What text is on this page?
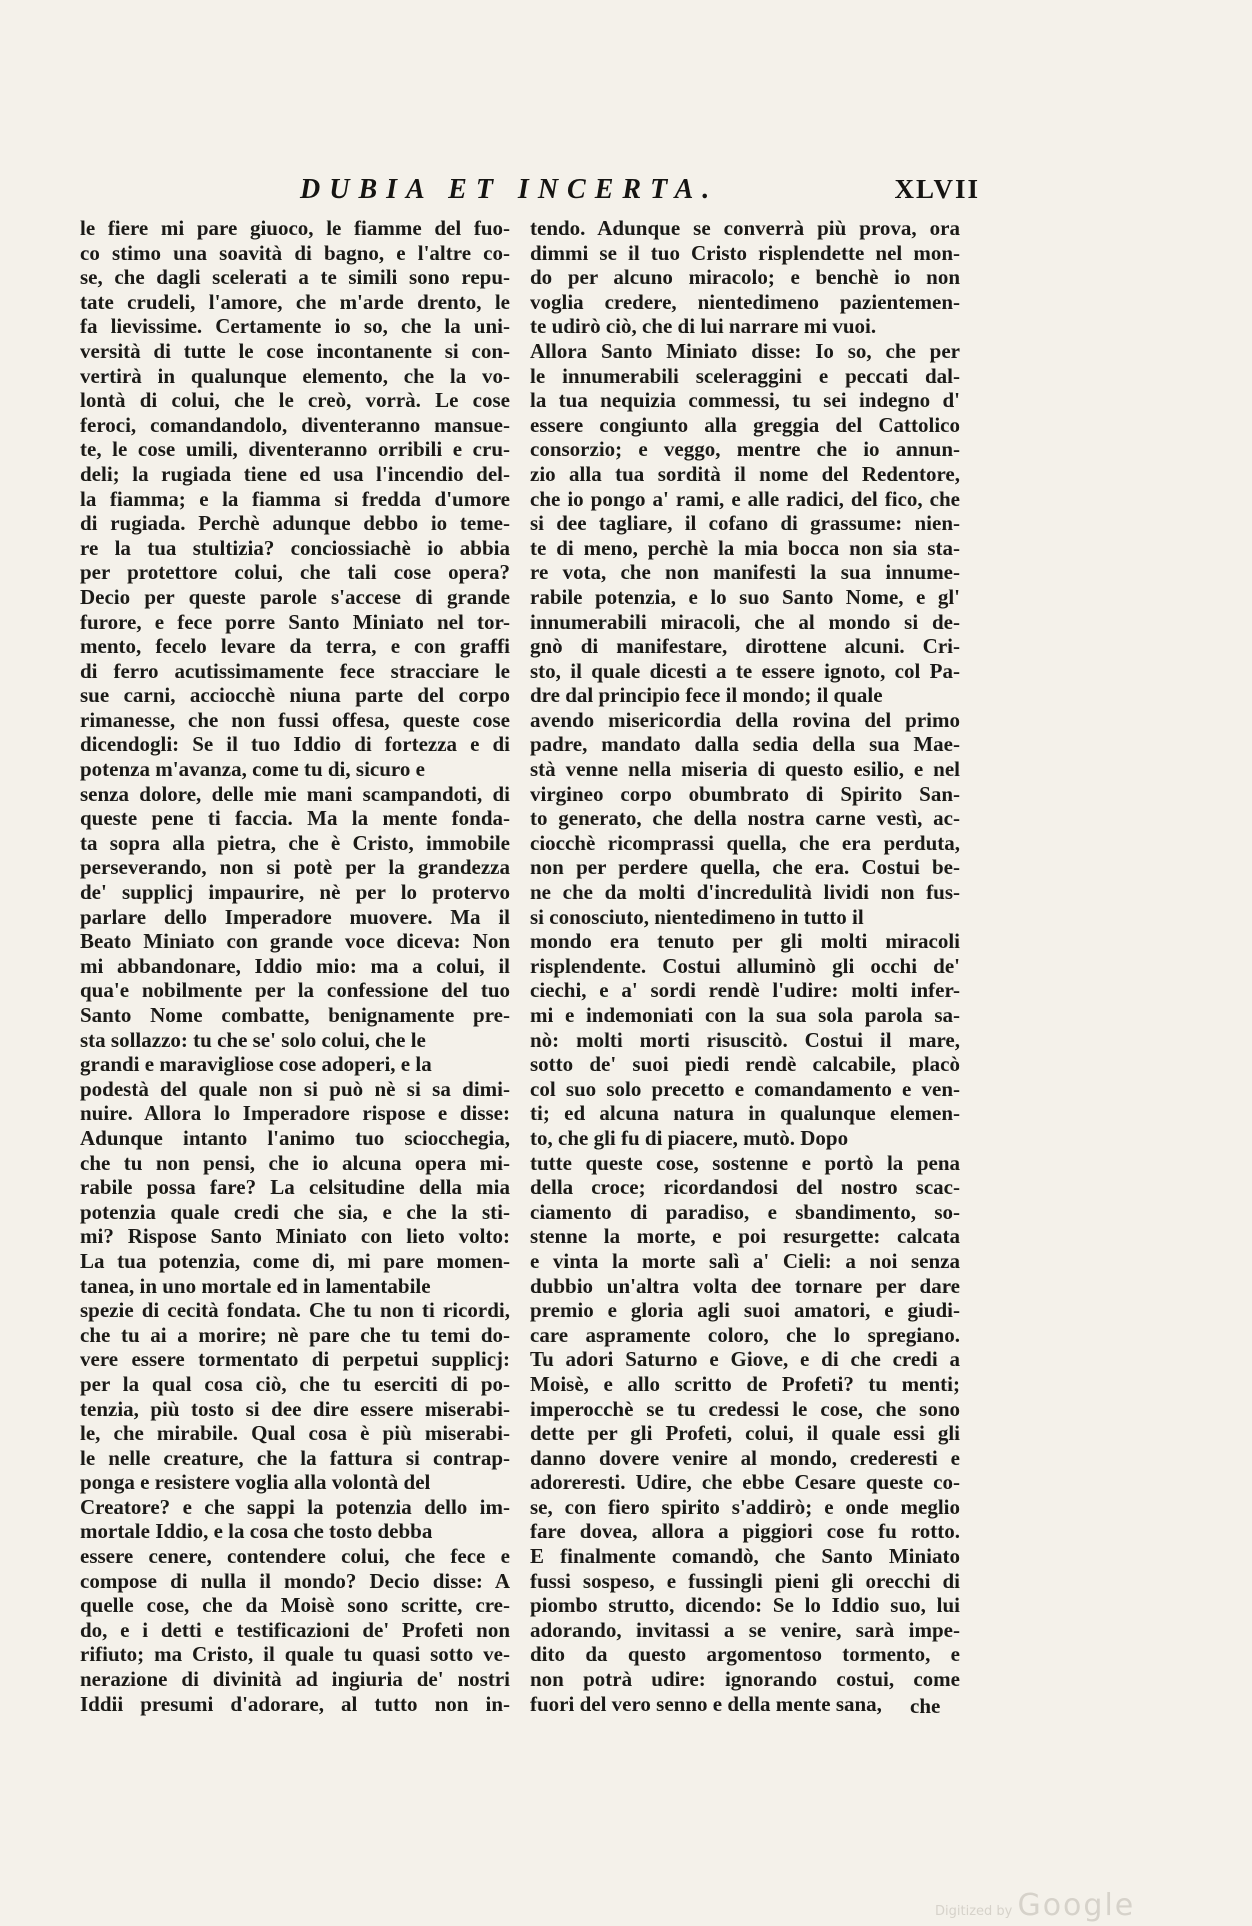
DUBIA ET INCERTA.	XLVII
le fiere mi pare giuoco, le fiamme del fuo-
co stimo una soavità di bagno, e l'altre co-
se, che dagli scelerati a te simili sono repu-
tate crudeli, l'amore, che m'arde drento, le
fa lievissime. Certamente io so, che la uni-
versità di tutte le cose incontanente si con-
vertirà in qualunque elemento, che la vo-
lontà di colui, che le creò, vorrà. Le cose
feroci, comandandolo, diventeranno mansue-
te, le cose umili, diventeranno orribili e cru-
deli; la rugiada tiene ed usa l'incendio del-
la fiamma; e la fiamma si fredda d'umore
di rugiada. Perchè adunque debbo io teme-
re la tua stultizia? conciossiachè io abbia
per protettore colui, che tali cose opera?
Decio per queste parole s'accese di grande
furore, e fece porre Santo Miniato nel tor-
mento, fecelo levare da terra, e con graffi
di ferro acutissimamente fece stracciare le
sue carni, acciocchè niuna parte del corpo
rimanesse, che non fussi offesa, queste cose
dicendogli: Se il tuo Iddio di fortezza e di
potenza m'avanza, come tu di, sicuro e
senza dolore, delle mie mani scampandoti, di
queste pene ti faccia. Ma la mente fonda-
ta sopra alla pietra, che è Cristo, immobile
perseverando, non si potè per la grandezza
de' supplicj impaurire, nè per lo protervo
parlare dello Imperadore muovere. Ma il
Beato Miniato con grande voce diceva: Non
mi abbandonare, Iddio mio: ma a colui, il
qua'e nobilmente per la confessione del tuo
Santo Nome combatte, benignamente pre-
sta sollazzo: tu che se' solo colui, che le
grandi e maravigliose cose adoperi, e la
podestà del quale non si può nè si sa dimi-
nuire. Allora lo Imperadore rispose e disse:
Adunque intanto l'animo tuo sciocchegia,
che tu non pensi, che io alcuna opera mi-
rabile possa fare? La celsitudine della mia
potenzia quale credi che sia, e che la sti-
mi? Rispose Santo Miniato con lieto volto:
La tua potenzia, come di, mi pare momen-
tanea, in uno mortale ed in lamentabile
spezie di cecità fondata. Che tu non ti ricordi,
che tu ai a morire; nè pare che tu temi do-
vere essere tormentato di perpetui supplicj:
per la qual cosa ciò, che tu eserciti di po-
tenzia, più tosto si dee dire essere miserabi-
le, che mirabile. Qual cosa è più miserabi-
le nelle creature, che la fattura si contrap-
ponga e resistere voglia alla volontà del
Creatore? e che sappi la potenzia dello im-
mortale Iddio, e la cosa che tosto debba
essere cenere, contendere colui, che fece e
compose di nulla il mondo? Decio disse: A
quelle cose, che da Moisè sono scritte, cre-
do, e i detti e testificazioni de' Profeti non
rifiuto; ma Cristo, il quale tu quasi sotto ve-
nerazione di divinità ad ingiuria de' nostri
Iddii presumi d'adorare, al tutto non in-
tendo. Adunque se converrà più prova, ora
dimmi se il tuo Cristo risplendette nel mon-
do per alcuno miracolo; e benchè io non
voglia credere, nientedimeno pazientemen-
te udirò ciò, che di lui narrare mi vuoi.
Allora Santo Miniato disse: Io so, che per
le innumerabili sceleraggini e peccati dal-
la tua nequizia commessi, tu sei indegno d'
essere congiunto alla greggia del Cattolico
consorzio; e veggo, mentre che io annun-
zio alla tua sordità il nome del Redentore,
che io pongo a' rami, e alle radici, del fico, che
si dee tagliare, il cofano di grassume: nien-
te di meno, perchè la mia bocca non sia sta-
re vota, che non manifesti la sua innume-
rabile potenzia, e lo suo Santo Nome, e gl'
innumerabili miracoli, che al mondo si de-
gnò di manifestare, dirottene alcuni. Cri-
sto, il quale dicesti a te essere ignoto, col Pa-
dre dal principio fece il mondo; il quale
avendo misericordia della rovina del primo
padre, mandato dalla sedia della sua Mae-
stà venne nella miseria di questo esilio, e nel
virgineo corpo obumbrato di Spirito San-
to generato, che della nostra carne vestì, ac-
ciocchè ricomprassi quella, che era perduta,
non per perdere quella, che era. Costui be-
ne che da molti d'incredulità lividi non fus-
si conosciuto, nientedimeno in tutto il
mondo era tenuto per gli molti miracoli
risplendente. Costui alluminò gli occhi de'
ciechi, e a' sordi rendè l'udire: molti infer-
mi e indemoniati con la sua sola parola sa-
nò: molti morti risuscitò. Costui il mare,
sotto de' suoi piedi rendè calcabile, placò
col suo solo precetto e comandamento e ven-
ti; ed alcuna natura in qualunque elemen-
to, che gli fu di piacere, mutò. Dopo
tutte queste cose, sostenne e portò la pena
della croce; ricordandosi del nostro scac-
ciamento di paradiso, e sbandimento, so-
stenne la morte, e poi resurgette: calcata
e vinta la morte salì a' Cieli: a noi senza
dubbio un'altra volta dee tornare per dare
premio e gloria agli suoi amatori, e giudi-
care aspramente coloro, che lo spregiano.
Tu adori Saturno e Giove, e di che credi a
Moisè, e allo scritto de Profeti? tu menti;
imperocchè se tu credessi le cose, che sono
dette per gli Profeti, colui, il quale essi gli
danno dovere venire al mondo, crederesti e
adoreresti. Udire, che ebbe Cesare queste co-
se, con fiero spirito s'addirò; e onde meglio
fare dovea, allora a piggiori cose fu rotto.
E finalmente comandò, che Santo Miniato
fussi sospeso, e fussingli pieni gli orecchi di
piombo strutto, dicendo: Se lo Iddio suo, lui
adorando, invitassi a se venire, sarà impe-
dito da questo argomentoso tormento, e
non potrà udire: ignorando costui, come
fuori del vero senno e della mente sana,	che
Digitized by Google
